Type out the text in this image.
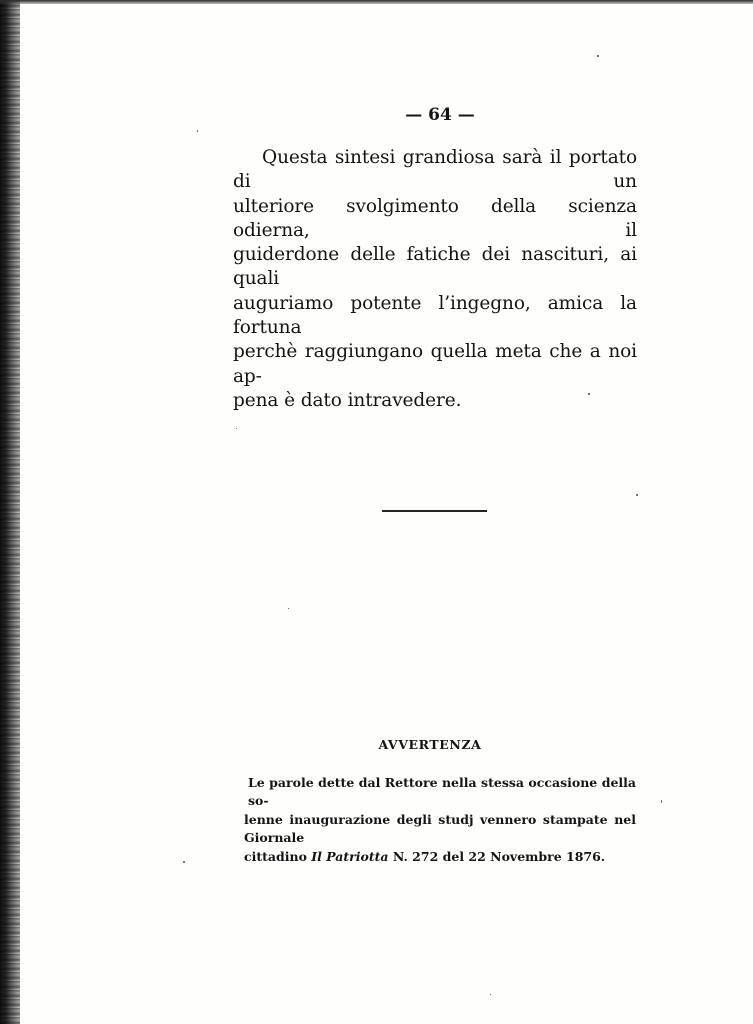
— 64 —

Questa sintesi grandiosa sarà il portato di un
ulteriore svolgimento della scienza odierna, il
guiderdone delle fatiche dei nascituri, ai quali
auguriamo potente l’ingegno, amica la fortuna
perchè raggiungano quella meta che a noi ap-
pena è dato intravedere.

AVVERTENZA

Le parole dette dal Rettore nella stessa occasione della so-
lenne inaugurazione degli studj vennero stampate nel Giornale
cittadino Il Patriotta N. 272 del 22 Novembre 1876.
